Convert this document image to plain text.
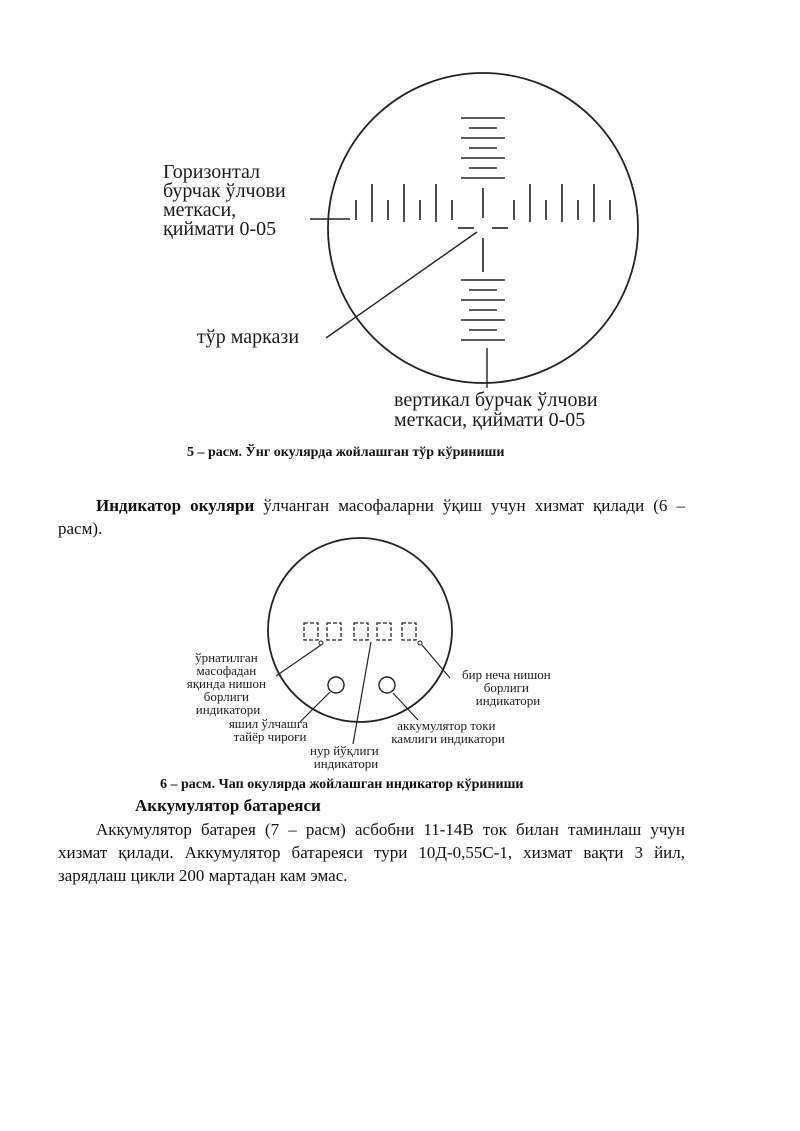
Горизонтал бурчак ўлчови меткаси, қиймати 0-05
тўр маркази
вертикал бурчак ўлчови меткаси, қиймати 0-05
5 – расм. Ўнг окулярда жойлашган тўр кўриниши

Индикатор окуляри ўлчанган масофаларни ўқиш учун хизмат қилади (6 – расм).

ўрнатилган масофадан яқинда нишон борлиги индикатори
бир неча нишон борлиги индикатори
яшил ўлчашга тайёр чироғи
аккумулятор токи камлиги индикатори
нур йўқлиги индикатори
6 – расм. Чап окулярда жойлашган индикатор кўриниши
Аккумулятор батареяси

Аккумулятор батарея (7 – расм) асбобни 11-14В ток билан таминлаш учун хизмат қилади. Аккумулятор батареяси тури 10Д-0,55С-1, хизмат вақти 3 йил, зарядлаш цикли 200 мартадан кам эмас.
